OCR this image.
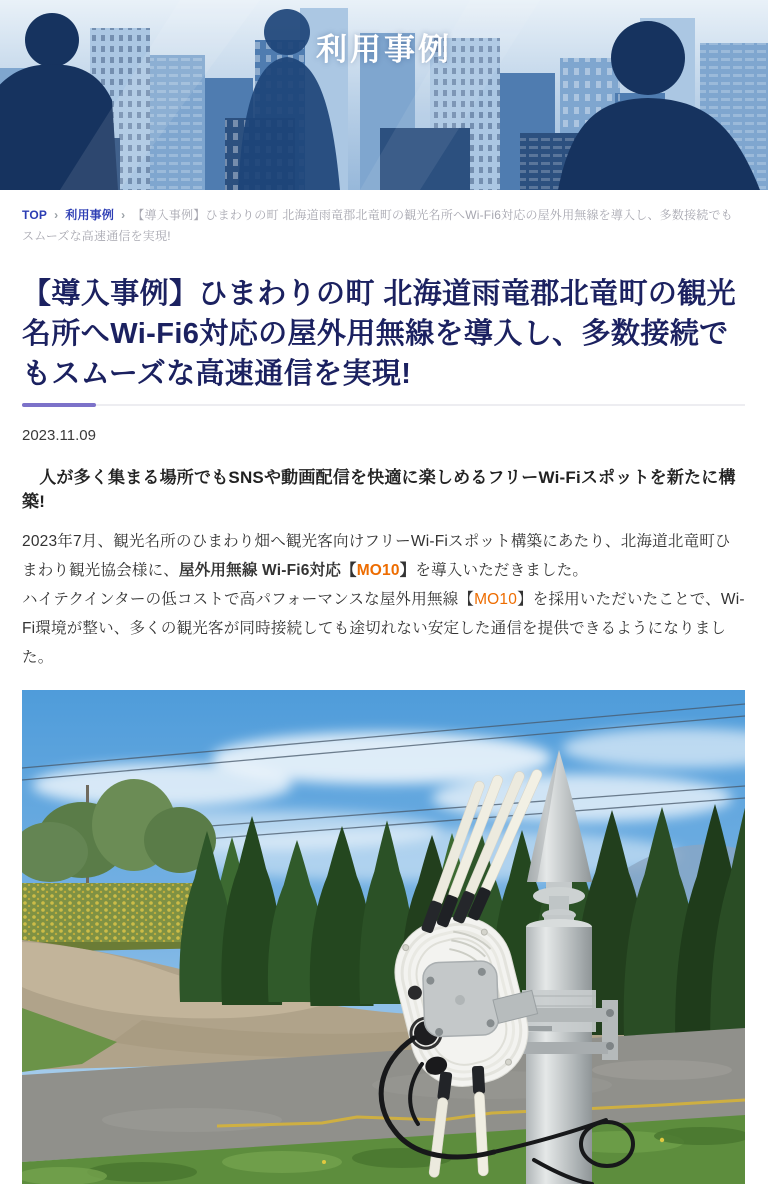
利用事例
TOP › 利用事例 › 【導入事例】ひまわりの町 北海道雨竜郡北竜町の観光名所へWi-Fi6対応の屋外用無線を導入し、多数接続でもスムーズな高速通信を実現!
【導入事例】ひまわりの町 北海道雨竜郡北竜町の観光名所へWi-Fi6対応の屋外用無線を導入し、多数接続でもスムーズな高速通信を実現!
2023.11.09
　人が多く集まる場所でもSNSや動画配信を快適に楽しめるフリーWi-Fiスポットを新たに構築!

2023年7月、観光名所のひまわり畑へ観光客向けフリーWi-Fiスポット構築にあたり、北海道北竜町ひまわり観光協会様に、屋外用無線 Wi-Fi6対応【MO10】を導入いただきました。

ハイテクインターの低コストで高パフォーマンスな屋外用無線【MO10】を採用いただいたことで、Wi-Fi環境が整い、多くの観光客が同時接続しても途切れない安定した通信を提供できるようになりました。
